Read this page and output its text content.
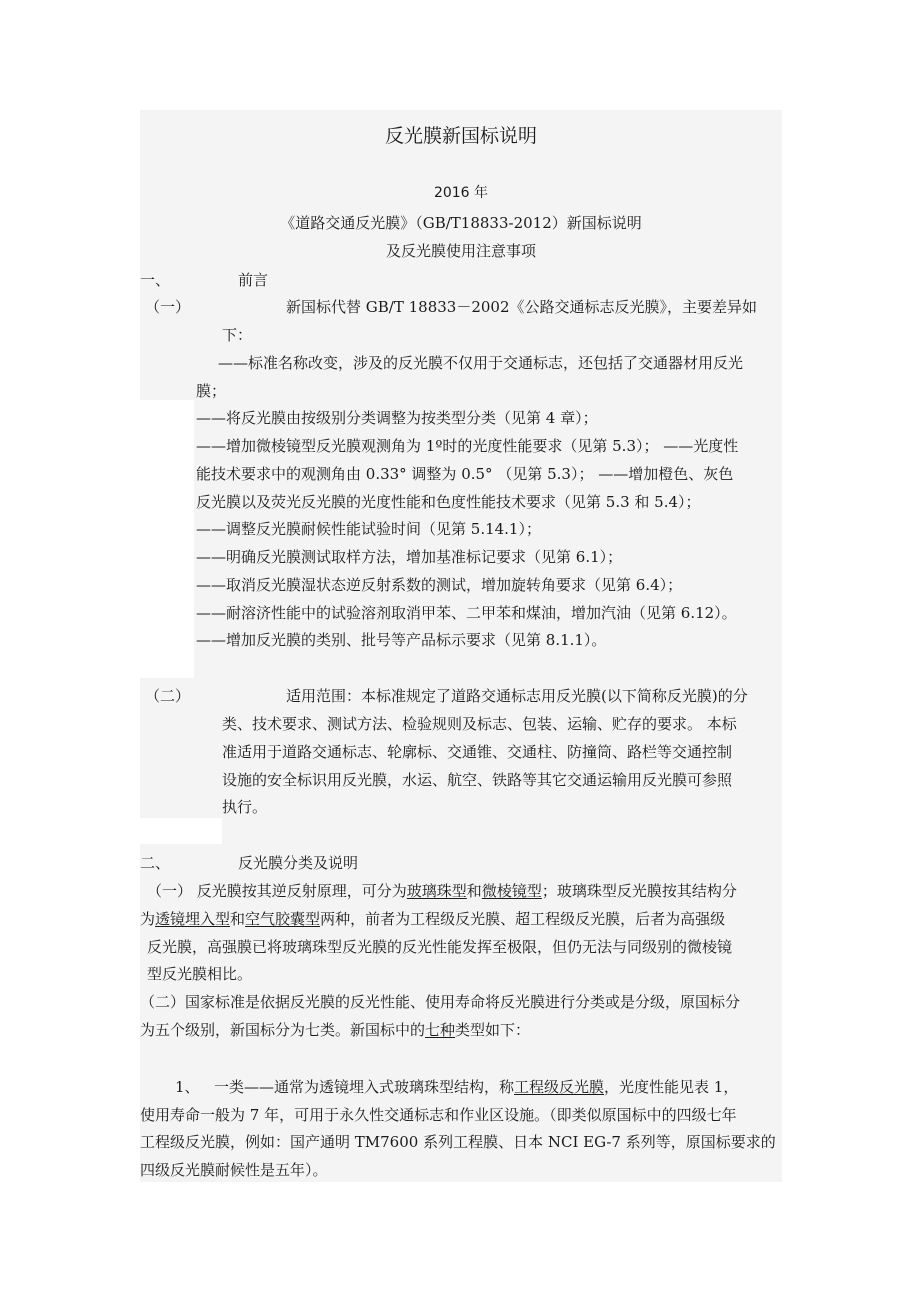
反光膜新国标说明
2016 年
《道路交通反光膜》（GB/T18833-2012）新国标说明
及反光膜使用注意事项
一、	前言
（一）	新国标代替 GB/T 18833－2002《公路交通标志反光膜》，主要差异如
下：
——标准名称改变，涉及的反光膜不仅用于交通标志，还包括了交通器材用反光
膜；
——将反光膜由按级别分类调整为按类型分类（见第 4 章）；
——增加微棱镜型反光膜观测角为 1º时的光度性能要求（见第 5.3）； ——光度性
能技术要求中的观测角由 0.33° 调整为 0.5° （见第 5.3）； ——增加橙色、灰色
反光膜以及荧光反光膜的光度性能和色度性能技术要求（见第 5.3 和 5.4）；
——调整反光膜耐候性能试验时间（见第 5.14.1）；
——明确反光膜测试取样方法，增加基准标记要求（见第 6.1）；
——取消反光膜湿状态逆反射系数的测试，增加旋转角要求（见第 6.4）；
——耐溶济性能中的试验溶剂取消甲苯、二甲苯和煤油，增加汽油（见第 6.12）。
——增加反光膜的类别、批号等产品标示要求（见第 8.1.1）。
（二）	适用范围：本标准规定了道路交通标志用反光膜(以下简称反光膜)的分
类、技术要求、测试方法、检验规则及标志、包装、运输、贮存的要求。 本标
准适用于道路交通标志、轮廓标、交通锥、交通柱、防撞筒、路栏等交通控制
设施的安全标识用反光膜，水运、航空、铁路等其它交通运输用反光膜可参照
执行。
二、	反光膜分类及说明
（一） 反光膜按其逆反射原理，可分为玻璃珠型和微棱镜型；玻璃珠型反光膜按其结构分
为透镜埋入型和空气胶囊型两种，前者为工程级反光膜、超工程级反光膜，后者为高强级
反光膜，高强膜已将玻璃珠型反光膜的反光性能发挥至极限，但仍无法与同级别的微棱镜
型反光膜相比。
（二）国家标准是依据反光膜的反光性能、使用寿命将反光膜进行分类或是分级，原国标分
为五个级别，新国标分为七类。新国标中的七种类型如下：
1、 一类——通常为透镜埋入式玻璃珠型结构，称工程级反光膜，光度性能见表 1，
使用寿命一般为 7 年，可用于永久性交通标志和作业区设施。（即类似原国标中的四级七年
工程级反光膜，例如：国产通明 TM7600 系列工程膜、日本 NCI EG-7 系列等，原国标要求的
四级反光膜耐候性是五年）。
